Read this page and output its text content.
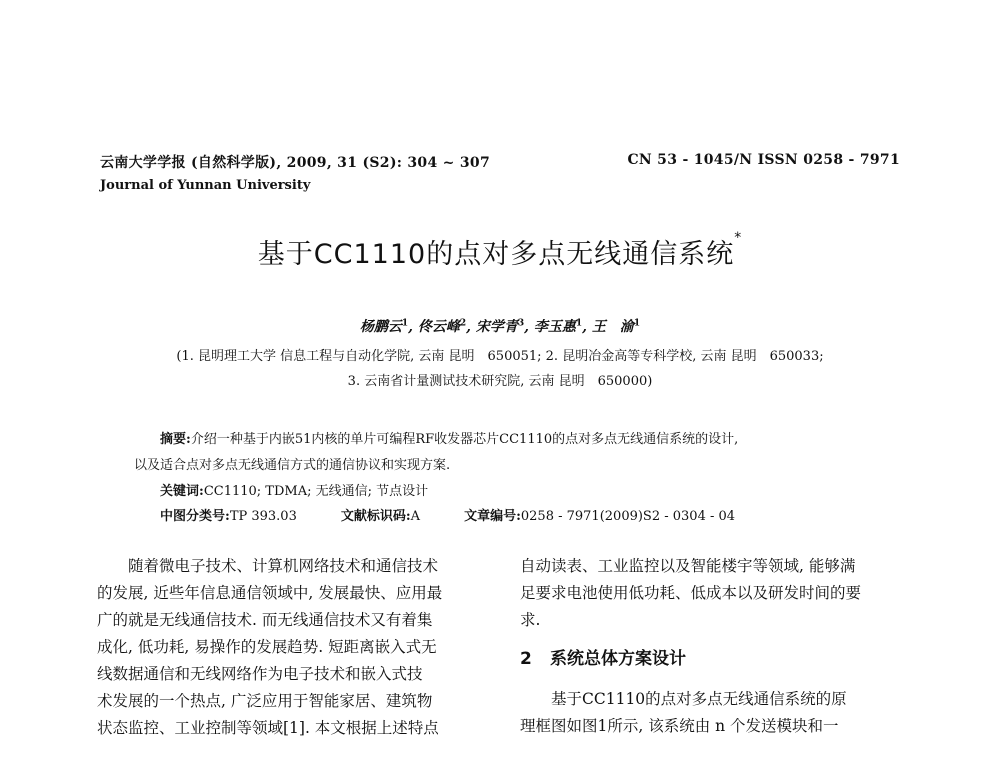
云南大学学报 (自然科学版), 2009, 31 (S2): 304 ~ 307	CN 53 - 1045/N ISSN 0258 - 7971
Journal of Yunnan University
基于CC1110的点对多点无线通信系统*
杨鹏云$^1$, 佟云峰$^2$, 宋学青$^3$, 李玉惠$^1$, 王　渝$^1$
(1. 昆明理工大学 信息工程与自动化学院, 云南 昆明　650051; 2. 昆明冶金高等专科学校, 云南 昆明　650033;
3. 云南省计量测试技术研究院, 云南 昆明　650000)
摘要:介绍一种基于内嵌51内核的单片可编程RF收发器芯片CC1110的点对多点无线通信系统的设计,
以及适合点对多点无线通信方式的通信协议和实现方案.
关键词:CC1110; TDMA; 无线通信; 节点设计
中图分类号:TP 393.03	文献标识码:A	文章编号:0258 - 7971(2009)S2 - 0304 - 04
随着微电子技术、计算机网络技术和通信技术
的发展, 近些年信息通信领域中, 发展最快、应用最
广的就是无线通信技术. 而无线通信技术又有着集
成化, 低功耗, 易操作的发展趋势. 短距离嵌入式无
线数据通信和无线网络作为电子技术和嵌入式技
术发展的一个热点, 广泛应用于智能家居、建筑物
状态监控、工业控制等领域[1]. 本文根据上述特点
自动读表、工业监控以及智能楼宇等领域, 能够满
足要求电池使用低功耗、低成本以及研发时间的要
求.
2 系统总体方案设计
基于CC1110的点对多点无线通信系统的原
理框图如图1所示, 该系统由 n 个发送模块和一
